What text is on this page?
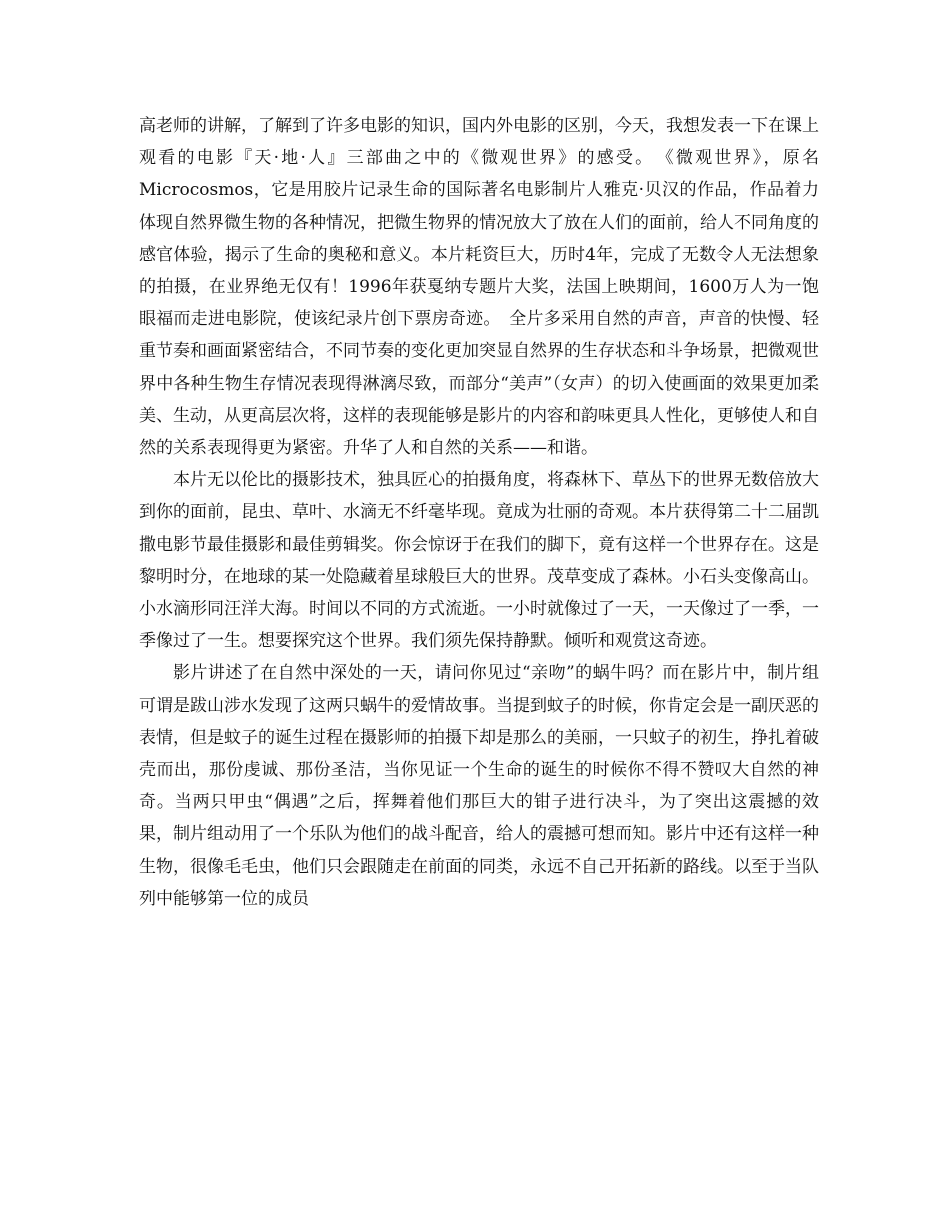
高老师的讲解，了解到了许多电影的知识，国内外电影的区别，今天，我想发表一下在课上观看的电影『天·地·人』三部曲之中的《微观世界》的感受。　《微观世界》，原名Microcosmos，它是用胶片记录生命的国际著名电影制片人雅克·贝汉的作品，作品着力体现自然界微生物的各种情况，把微生物界的情况放大了放在人们的面前，给人不同角度的感官体验，揭示了生命的奥秘和意义。本片耗资巨大，历时4年，完成了无数令人无法想象的拍摄，在业界绝无仅有！1996年获戛纳专题片大奖，法国上映期间，1600万人为一饱眼福而走进电影院，使该纪录片创下票房奇迹。　全片多采用自然的声音，声音的快慢、轻重节奏和画面紧密结合，不同节奏的变化更加突显自然界的生存状态和斗争场景，把微观世界中各种生物生存情况表现得淋漓尽致，而部分“美声”（女声）的切入使画面的效果更加柔美、生动，从更高层次将，这样的表现能够是影片的内容和韵味更具人性化，更够使人和自然的关系表现得更为紧密。升华了人和自然的关系——和谐。

本片无以伦比的摄影技术，独具匠心的拍摄角度，将森林下、草丛下的世界无数倍放大到你的面前，昆虫、草叶、水滴无不纤毫毕现。竟成为壮丽的奇观。本片获得第二十二届凯撒电影节最佳摄影和最佳剪辑奖。你会惊讶于在我们的脚下，竟有这样一个世界存在。这是黎明时分，在地球的某一处隐藏着星球般巨大的世界。茂草变成了森林。小石头变像高山。小水滴形同汪洋大海。时间以不同的方式流逝。一小时就像过了一天，一天像过了一季，一季像过了一生。想要探究这个世界。我们须先保持静默。倾听和观赏这奇迹。

影片讲述了在自然中深处的一天，请问你见过“亲吻”的蜗牛吗？而在影片中，制片组可谓是跋山涉水发现了这两只蜗牛的爱情故事。当提到蚊子的时候，你肯定会是一副厌恶的表情，但是蚊子的诞生过程在摄影师的拍摄下却是那么的美丽，一只蚊子的初生，挣扎着破壳而出，那份虔诚、那份圣洁，当你见证一个生命的诞生的时候你不得不赞叹大自然的神奇。当两只甲虫“偶遇”之后，挥舞着他们那巨大的钳子进行决斗，为了突出这震撼的效果，制片组动用了一个乐队为他们的战斗配音，给人的震撼可想而知。影片中还有这样一种生物，很像毛毛虫，他们只会跟随走在前面的同类，永远不自己开拓新的路线。以至于当队列中能够第一位的成员
